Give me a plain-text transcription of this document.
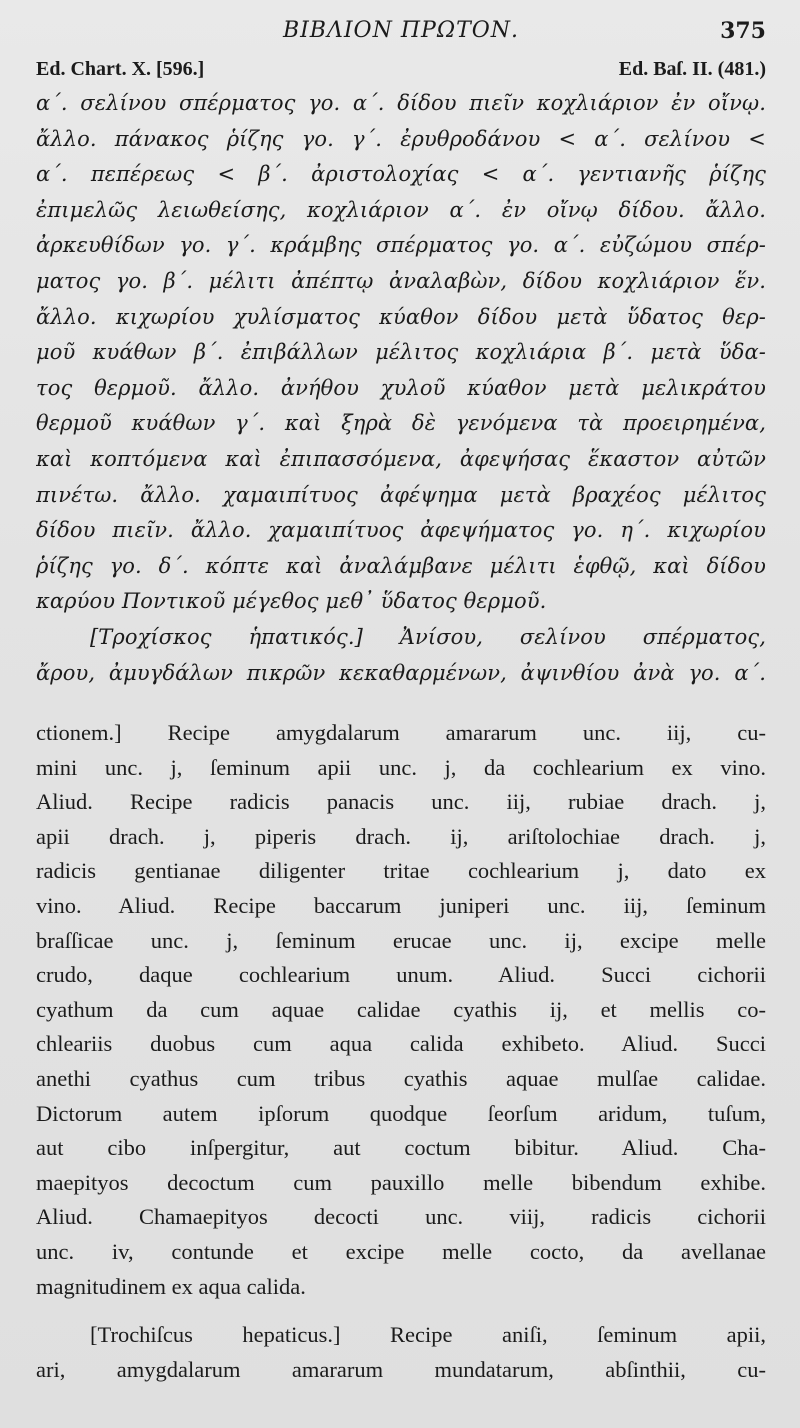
ΒΙΒΛΙΟΝ ΠΡΩΤΟΝ.	375
Ed. Chart. X. [596.]	Ed. Baſ. II. (481.)
α΄. σελίνου σπέρματος γο. α΄. δίδου πιεῖν κοχλιάριον ἐν οἴνῳ.
ἄλλο. πάνακος ῥίζης γο. γ΄. ἐρυθροδάνου < α΄. σελίνου <
α΄. πεπέρεως < β΄. ἀριστολοχίας < α΄. γεντιανῆς ῥίζης
ἐπιμελῶς λειωθείσης, κοχλιάριον α΄. ἐν οἴνῳ δίδου. ἄλλο.
ἀρκευθίδων γο. γ΄. κράμβης σπέρματος γο. α΄. εὐζώμου σπέρ-
ματος γο. β΄. μέλιτι ἀπέπτῳ ἀναλαβὼν, δίδου κοχλιάριον ἕν.
ἄλλο. κιχωρίου χυλίσματος κύαθον δίδου μετὰ ὕδατος θερ-
μοῦ κυάθων β΄. ἐπιβάλλων μέλιτος κοχλιάρια β΄. μετὰ ὕδα-
τος θερμοῦ. ἄλλο. ἀνήθου χυλοῦ κύαθον μετὰ μελικράτου
θερμοῦ κυάθων γ΄. καὶ ξηρὰ δὲ γενόμενα τὰ προειρημένα,
καὶ κοπτόμενα καὶ ἐπιπασσόμενα, ἀφεψήσας ἕκαστον αὐτῶν
πινέτω. ἄλλο. χαμαιπίτυος ἀφέψημα μετὰ βραχέος μέλιτος
δίδου πιεῖν. ἄλλο. χαμαιπίτυος ἀφεψήματος γο. η΄. κιχωρίου
ῥίζης γο. δ΄. κόπτε καὶ ἀναλάμβανε μέλιτι ἑφθῷ, καὶ δίδου
καρύου Ποντικοῦ μέγεθος μεθ᾽ ὕδατος θερμοῦ.
[Τροχίσκος ἡπατικός.] Ἀνίσου, σελίνου σπέρματος,
ἄρου, ἀμυγδάλων πικρῶν κεκαθαρμένων, ἀψινθίου ἀνὰ γο. α΄.
ctionem.] Recipe amygdalarum amararum unc. iij, cu-
mini unc. j, ſeminum apii unc. j, da cochlearium ex vino.
Aliud. Recipe radicis panacis unc. iij, rubiae drach. j,
apii drach. j, piperis drach. ij, ariſtolochiae drach. j,
radicis gentianae diligenter tritae cochlearium j, dato ex
vino. Aliud. Recipe baccarum juniperi unc. iij, ſeminum
braſſicae unc. j, ſeminum erucae unc. ij, excipe melle
crudo, daque cochlearium unum. Aliud. Succi cichorii
cyathum da cum aquae calidae cyathis ij, et mellis co-
chleariis duobus cum aqua calida exhibeto. Aliud. Succi
anethi cyathus cum tribus cyathis aquae mulſae calidae.
Dictorum autem ipſorum quodque ſeorſum aridum, tuſum,
aut cibo inſpergitur, aut coctum bibitur. Aliud. Cha-
maepityos decoctum cum pauxillo melle bibendum exhibe.
Aliud. Chamaepityos decocti unc. viij, radicis cichorii
unc. iv, contunde et excipe melle cocto, da avellanae
magnitudinem ex aqua calida.
[Trochiſcus hepaticus.] Recipe aniſi, ſeminum apii,
ari, amygdalarum amararum mundatarum, abſinthii, cu-
